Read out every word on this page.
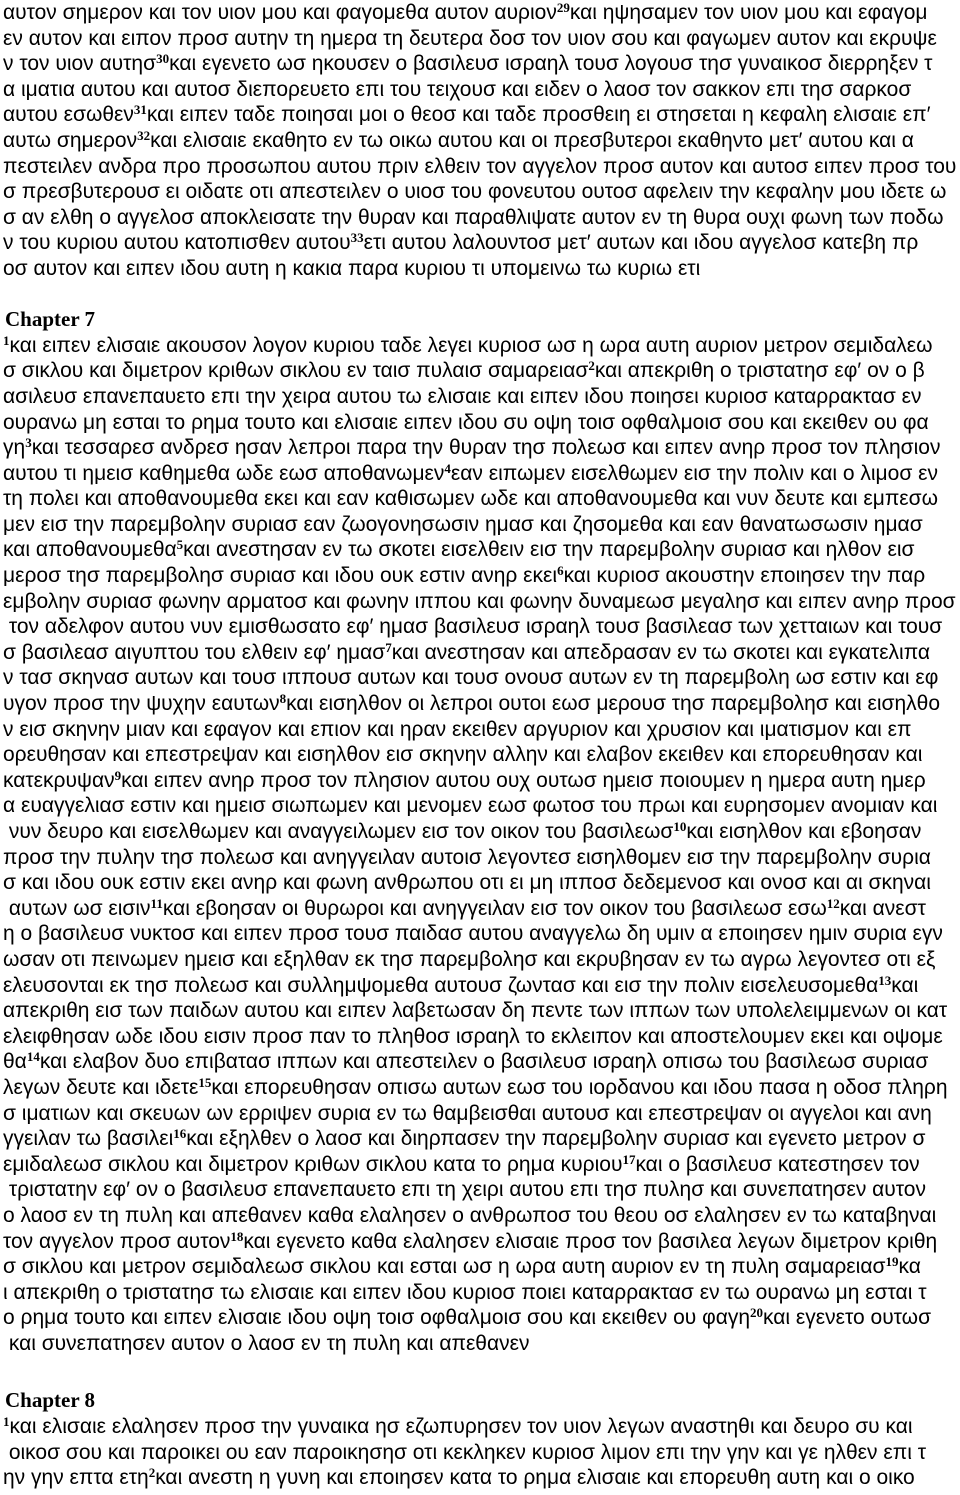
αυτον σημερον και τον υιον μου και φαγομεθα αυτον αυριον$^{29}$και ηψησαμεν τον υιον μου και εφαγομ
εν αυτον και ειπον προσ αυτην τη ημερα τη δευτερα δοσ τον υιον σου και φαγωμεν αυτον και εκρυψε
ν τον υιον αυτησ$^{30}$και εγενετο ωσ ηκουσεν ο βασιλευσ ισραηλ τουσ λογουσ τησ γυναικοσ διερρηξεν τ
α ιματια αυτου και αυτοσ διεπορευετο επι του τειχουσ και ειδεν ο λαοσ τον σακκον επι τησ σαρκοσ
αυτου εσωθεν$^{31}$και ειπεν ταδε ποιησαι μοι ο θεοσ και ταδε προσθειη ει στησεται η κεφαλη ελισαιε επ′
αυτω σημερον$^{32}$και ελισαιε εκαθητο εν τω οικω αυτου και οι πρεσβυτεροι εκαθηντο μετ′ αυτου και α
πεστειλεν ανδρα προ προσωπου αυτου πριν ελθειν τον αγγελον προσ αυτον και αυτοσ ειπεν προσ του
σ πρεσβυτερουσ ει οιδατε οτι απεστειλεν ο υιοσ του φονευτου ουτοσ αφελειν την κεφαλην μου ιδετε ω
σ αν ελθη ο αγγελοσ αποκλεισατε την θυραν και παραθλιψατε αυτον εν τη θυρα ουχι φωνη των ποδω
ν του κυριου αυτου κατοπισθεν αυτου$^{33}$ετι αυτου λαλουντοσ μετ′ αυτων και ιδου αγγελοσ κατεβη πρ
οσ αυτον και ειπεν ιδου αυτη η κακια παρα κυριου τι υπομεινω τω κυριω ετι
Chapter 7
$^1$και ειπεν ελισαιε ακουσον λογον κυριου ταδε λεγει κυριοσ ωσ η ωρα αυτη αυριον μετρον σεμιδαλεω
σ σικλου και διμετρον κριθων σικλου εν ταισ πυλαισ σαμαρειασ$^2$και απεκριθη ο τριστατησ εφ′ ον ο β
ασιλευσ επανεπαυετο επι την χειρα αυτου τω ελισαιε και ειπεν ιδου ποιησει κυριοσ καταρρακτασ εν
ουρανω μη εσται το ρημα τουτο και ελισαιε ειπεν ιδου συ οψη τοισ οφθαλμοισ σου και εκειθεν ου φα
$\gamma\eta^3\kappa\alpha\iota$ τεσσαρεσ ανδρεσ ησαν λεπροι παρα την θυραν τησ πολεωσ και ειπεν ανηρ προσ τον πλησιον
αυτου τι ημεισ καθημεθα ωδε εωσ αποθανωμεν$^4$εαν ειπωμεν εισελθωμεν εισ την πολιν και ο λιμοσ εν
τη πολει και αποθανουμεθα εκει και εαν καθισωμεν ωδε και αποθανουμεθα και νυν δευτε και εμπεσω
μεν εισ την παρεμβολην συριασ εαν ζωογονησωσιν ημασ και ζησομεθα και εαν θανατωσωσιν ημασ
και αποθανουμεθα$^5$και ανεστησαν εν τω σκοτει εισελθειν εισ την παρεμβολην συριασ και ηλθον εισ
μεροσ τησ παρεμβολησ συριασ και ιδου ουκ εστιν ανηρ εκει$^6$και κυριοσ ακουστην εποιησεν την παρ
εμβολην συριασ φωνην αρματοσ και φωνην ιππου και φωνην δυναμεωσ μεγαλησ και ειπεν ανηρ προσ
τον αδελφον αυτου νυν εμισθωσατο εφ′ ημασ βασιλευσ ισραηλ τουσ βασιλεασ των χετταιων και τουσ
σ βασιλεασ αιγυπτου του ελθειν εφ′ ημασ$^7$και ανεστησαν και απεδρασαν εν τω σκοτει και εγκατελιπα
ν τασ σκηνασ αυτων και τουσ ιππουσ αυτων και τουσ ονουσ αυτων εν τη παρεμβολη ωσ εστιν και εφ
υγον προσ την ψυχην εαυτων$^8$και εισηλθον οι λεπροι ουτοι εωσ μερουσ τησ παρεμβολησ και εισηλθο
ν εισ σκηνην μιαν και εφαγον και επιον και ηραν εκειθεν αργυριον και χρυσιον και ιματισμον και επ
ορευθησαν και επεστρεψαν και εισηλθον εισ σκηνην αλλην και ελαβον εκειθεν και επορευθησαν και
κατεκρυψαν$^9$και ειπεν ανηρ προσ τον πλησιον αυτου ουχ ουτωσ ημεισ ποιουμεν η ημερα αυτη ημερ
α ευαγγελιασ εστιν και ημεισ σιωπωμεν και μενομεν εωσ φωτοσ του πρωι και ευρησομεν ανομιαν και
νυν δευρο και εισελθωμεν και αναγγειλωμεν εισ τον οικον του βασιλεωσ$^{10}$και εισηλθον και εβοησαν
προσ την πυλην τησ πολεωσ και ανηγγειλαν αυτοισ λεγοντεσ εισηλθομεν εισ την παρεμβολην συρια
σ και ιδου ουκ εστιν εκει ανηρ και φωνη ανθρωπου οτι ει μη ιπποσ δεδεμενοσ και ονοσ και αι σκηναι
αυτων ωσ εισιν$^{11}$και εβοησαν οι θυρωροι και ανηγγειλαν εισ τον οικον του βασιλεωσ εσω$^{12}$και ανεστ
η ο βασιλευσ νυκτοσ και ειπεν προσ τουσ παιδασ αυτου αναγγελω δη υμιν α εποιησεν ημιν συρια εγν
ωσαν οτι πεινωμεν ημεισ και εξηλθαν εκ τησ παρεμβολησ και εκρυβησαν εν τω αγρω λεγοντεσ οτι εξ
ελευσονται εκ τησ πολεωσ και συλλημψομεθα αυτουσ ζωντασ και εισ την πολιν εισελευσομεθα$^{13}$και
απεκριθη εισ των παιδων αυτου και ειπεν λαβετωσαν δη πεντε των ιππων των υπολελειμμενων οι κατ
ελειφθησαν ωδε ιδου εισιν προσ παν το πληθοσ ισραηλ το εκλειπον και αποστελουμεν εκει και οψομε
$\theta\alpha^{14}\kappa\alpha\iota$ ελαβον δυο επιβατασ ιππων και απεστειλεν ο βασιλευσ ισραηλ οπισω του βασιλεωσ συριασ
λεγων δευτε και ιδετε$^{15}$και επορευθησαν οπισω αυτων εωσ του ιορδανου και ιδου πασα η οδοσ πληρη
σ ιματιων και σκευων ων ερριψεν συρια εν τω θαμβεισθαι αυτουσ και επεστρεψαν οι αγγελοι και ανη
γγειλαν τω βασιλει$^{16}$και εξηλθεν ο λαοσ και διηρπασεν την παρεμβολην συριασ και εγενετο μετρον σ
εμιδαλεωσ σικλου και διμετρον κριθων σικλου κατα το ρημα κυριου$^{17}$και ο βασιλευσ κατεστησεν τον
τριστατην εφ′ ον ο βασιλευσ επανεπαυετο επι τη χειρι αυτου επι τησ πυλησ και συνεπατησεν αυτον
ο λαοσ εν τη πυλη και απεθανεν καθα ελαλησεν ο ανθρωποσ του θεου οσ ελαλησεν εν τω καταβηναι
τον αγγελον προσ αυτον$^{18}$και εγενετο καθα ελαλησεν ελισαιε προσ τον βασιλεα λεγων διμετρον κριθη
σ σικλου και μετρον σεμιδαλεωσ σικλου και εσται ωσ η ωρα αυτη αυριον εν τη πυλη σαμαρειασ$^{19}$κα
ι απεκριθη ο τριστατησ τω ελισαιε και ειπεν ιδου κυριοσ ποιει καταρρακτασ εν τω ουρανω μη εσται τ
ο ρημα τουτο και ειπεν ελισαιε ιδου οψη τοισ οφθαλμοισ σου και εκειθεν ου φαγη$^{20}$και εγενετο ουτωσ
και συνεπατησεν αυτον ο λαοσ εν τη πυλη και απεθανεν
Chapter 8
$^1$και ελισαιε ελαλησεν προσ την γυναικα ησ εζωπυρησεν τον υιον λεγων αναστηθι και δευρο συ και
οικοσ σου και παροικει ου εαν παροικησησ οτι κεκληκεν κυριοσ λιμον επι την γην και γε ηλθεν επι τ
ην γην επτα ετη$^2$και ανεστη η γυνη και εποιησεν κατα το ρημα ελισαιε και επορευθη αυτη και ο οικο
